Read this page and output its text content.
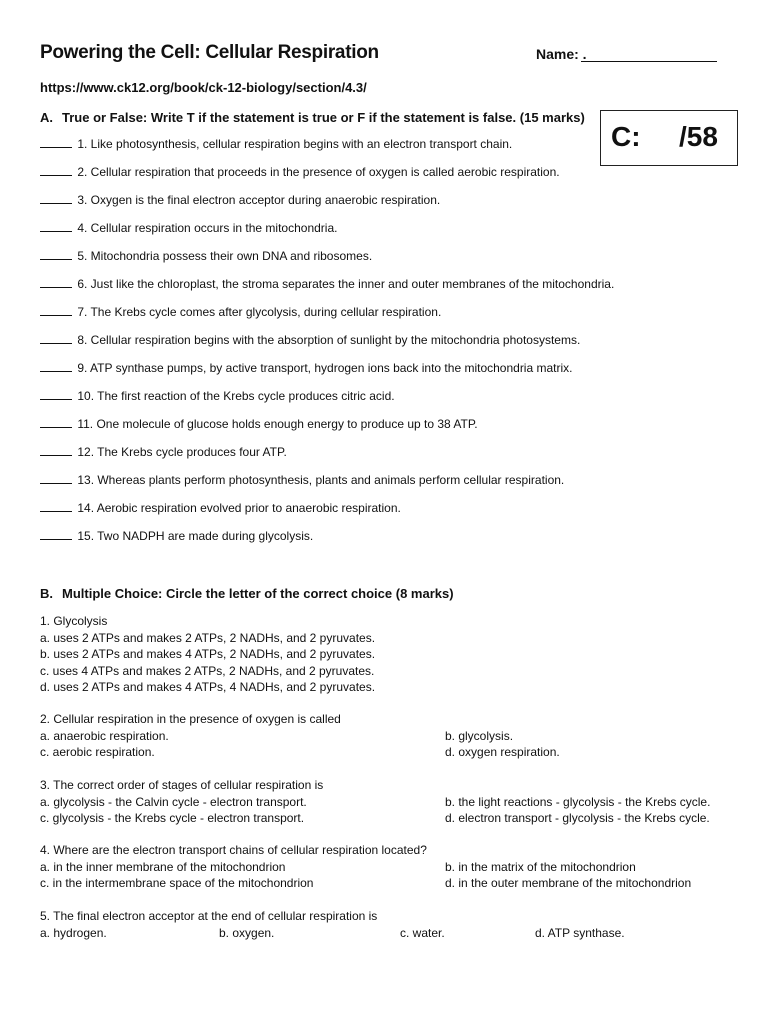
Powering the Cell: Cellular Respiration	Name: .
https://www.ck12.org/book/ck-12-biology/section/4.3/
C: /58
A. True or False: Write T if the statement is true or F if the statement is false. (15 marks)
1. Like photosynthesis, cellular respiration begins with an electron transport chain.
2. Cellular respiration that proceeds in the presence of oxygen is called aerobic respiration.
3. Oxygen is the final electron acceptor during anaerobic respiration.
4. Cellular respiration occurs in the mitochondria.
5. Mitochondria possess their own DNA and ribosomes.
6. Just like the chloroplast, the stroma separates the inner and outer membranes of the mitochondria.
7. The Krebs cycle comes after glycolysis, during cellular respiration.
8. Cellular respiration begins with the absorption of sunlight by the mitochondria photosystems.
9. ATP synthase pumps, by active transport, hydrogen ions back into the mitochondria matrix.
10. The first reaction of the Krebs cycle produces citric acid.
11. One molecule of glucose holds enough energy to produce up to 38 ATP.
12. The Krebs cycle produces four ATP.
13. Whereas plants perform photosynthesis, plants and animals perform cellular respiration.
14. Aerobic respiration evolved prior to anaerobic respiration.
15. Two NADPH are made during glycolysis.
B. Multiple Choice: Circle the letter of the correct choice (8 marks)
1. Glycolysis
a. uses 2 ATPs and makes 2 ATPs, 2 NADHs, and 2 pyruvates.
b. uses 2 ATPs and makes 4 ATPs, 2 NADHs, and 2 pyruvates.
c. uses 4 ATPs and makes 2 ATPs, 2 NADHs, and 2 pyruvates.
d. uses 2 ATPs and makes 4 ATPs, 4 NADHs, and 2 pyruvates.
2. Cellular respiration in the presence of oxygen is called
a. anaerobic respiration.	b. glycolysis.
c. aerobic respiration.	d. oxygen respiration.
3. The correct order of stages of cellular respiration is
a. glycolysis - the Calvin cycle - electron transport.	b. the light reactions - glycolysis - the Krebs cycle.
c. glycolysis - the Krebs cycle - electron transport.	d. electron transport - glycolysis - the Krebs cycle.
4. Where are the electron transport chains of cellular respiration located?
a. in the inner membrane of the mitochondrion	b. in the matrix of the mitochondrion
c. in the intermembrane space of the mitochondrion	d. in the outer membrane of the mitochondrion
5. The final electron acceptor at the end of cellular respiration is
a. hydrogen.	b. oxygen.	c. water.	d. ATP synthase.
